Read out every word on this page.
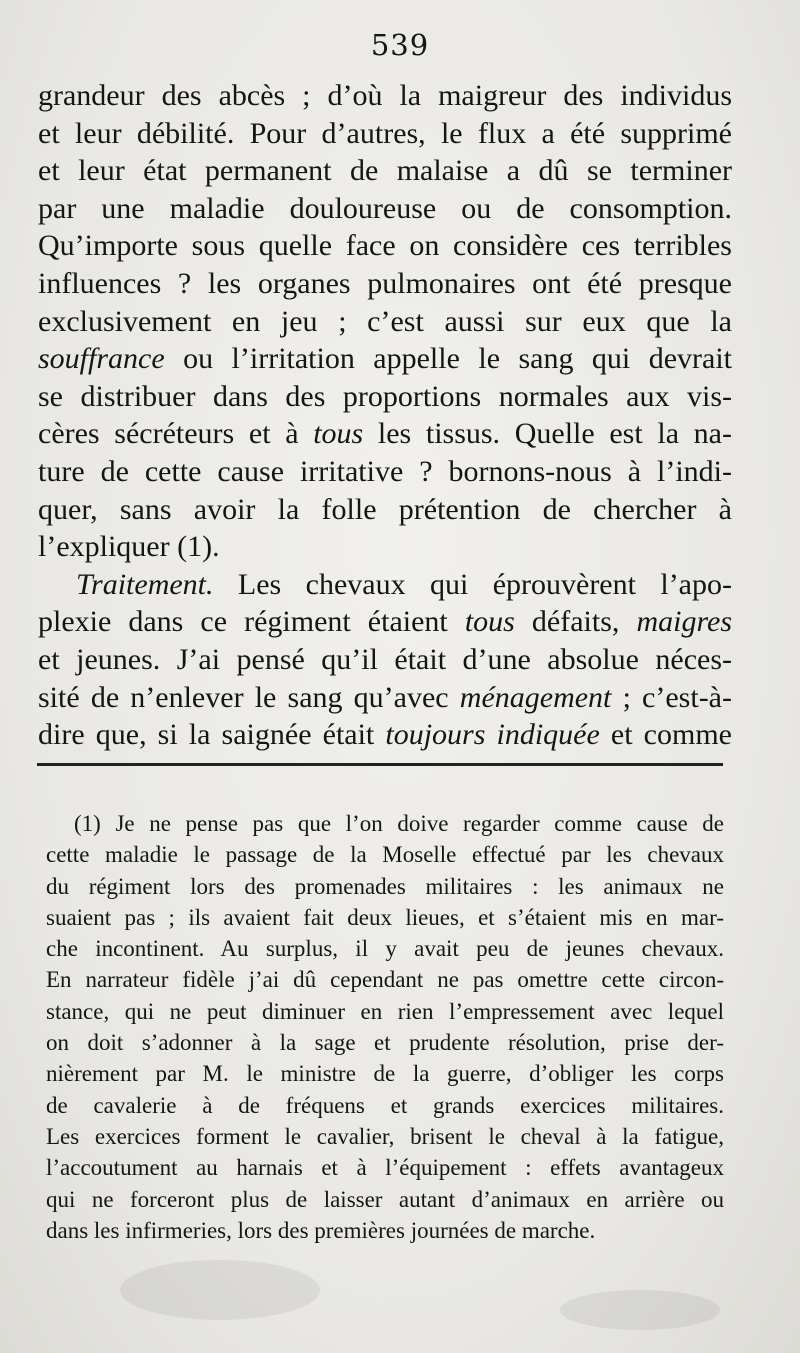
539
grandeur des abcès ; d’où la maigreur des individus
et leur débilité. Pour d’autres, le flux a été supprimé
et leur état permanent de malaise a dû se terminer
par une maladie douloureuse ou de consomption.
Qu’importe sous quelle face on considère ces terribles
influences ? les organes pulmonaires ont été presque
exclusivement en jeu ; c’est aussi sur eux que la
souffrance ou l’irritation appelle le sang qui devrait
se distribuer dans des proportions normales aux vis-
cères sécréteurs et à tous les tissus. Quelle est la na-
ture de cette cause irritative ? bornons-nous à l’indi-
quer, sans avoir la folle prétention de chercher à
l’expliquer (1).
Traitement. Les chevaux qui éprouvèrent l’apo-
plexie dans ce régiment étaient tous défaits, maigres
et jeunes. J’ai pensé qu’il était d’une absolue néces-
sité de n’enlever le sang qu’avec ménagement ; c’est-à-
dire que, si la saignée était toujours indiquée et comme
(1) Je ne pense pas que l’on doive regarder comme cause de
cette maladie le passage de la Moselle effectué par les chevaux
du régiment lors des promenades militaires : les animaux ne
suaient pas ; ils avaient fait deux lieues, et s’étaient mis en mar-
che incontinent. Au surplus, il y avait peu de jeunes chevaux.
En narrateur fidèle j’ai dû cependant ne pas omettre cette circon-
stance, qui ne peut diminuer en rien l’empressement avec lequel
on doit s’adonner à la sage et prudente résolution, prise der-
nièrement par M. le ministre de la guerre, d’obliger les corps
de cavalerie à de fréquens et grands exercices militaires.
Les exercices forment le cavalier, brisent le cheval à la fatigue,
l’accoutument au harnais et à l’équipement : effets avantageux
qui ne forceront plus de laisser autant d’animaux en arrière ou
dans les infirmeries, lors des premières journées de marche.
